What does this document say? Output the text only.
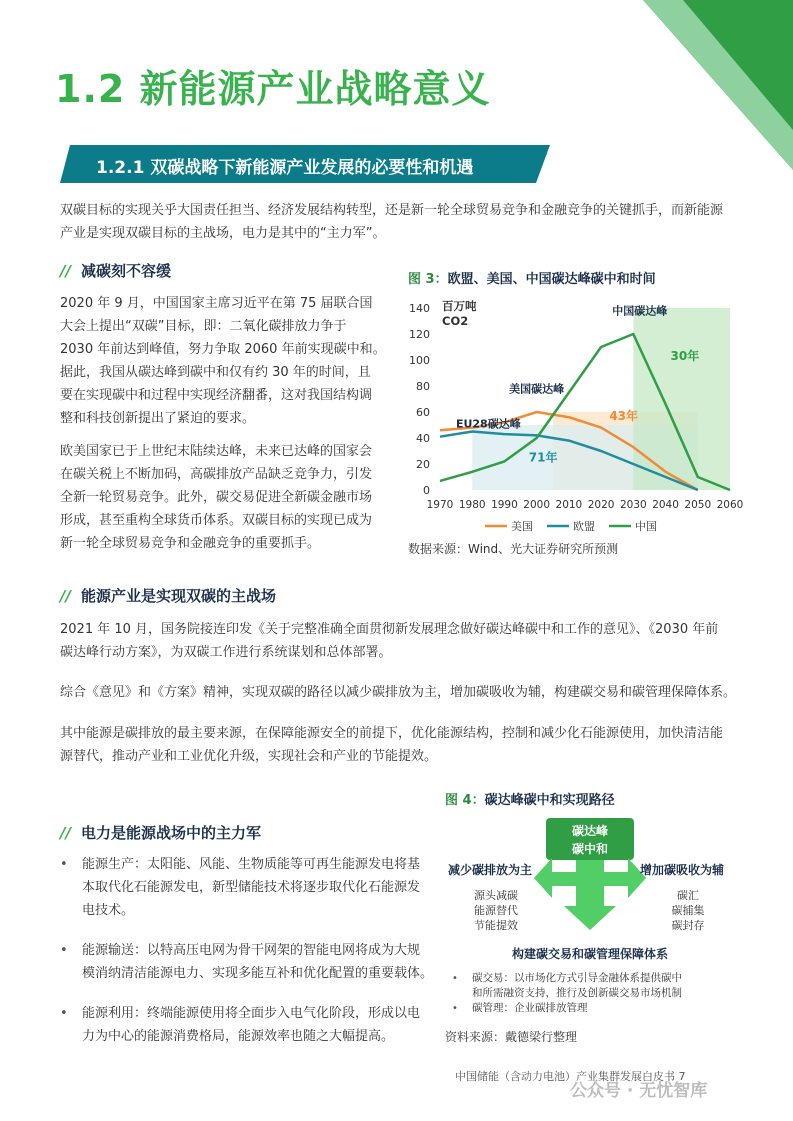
1.2 新能源产业战略意义
1.2.1 双碳战略下新能源产业发展的必要性和机遇
双碳目标的实现关乎大国责任担当、经济发展结构转型，还是新一轮全球贸易竞争和金融竞争的关键抓手，而新能源
产业是实现双碳目标的主战场，电力是其中的“主力军”。
// 减碳刻不容缓
2020 年 9 月，中国国家主席习近平在第 75 届联合国
大会上提出“双碳”目标，即：二氧化碳排放力争于
2030 年前达到峰值，努力争取 2060 年前实现碳中和。
据此，我国从碳达峰到碳中和仅有约 30 年的时间，且
要在实现碳中和过程中实现经济翻番，这对我国结构调
整和科技创新提出了紧迫的要求。
欧美国家已于上世纪末陆续达峰，未来已达峰的国家会
在碳关税上不断加码，高碳排放产品缺乏竞争力，引发
全新一轮贸易竞争。此外，碳交易促进全新碳金融市场
形成，甚至重构全球货币体系。双碳目标的实现已成为
新一轮全球贸易竞争和金融竞争的重要抓手。
图 3：欧盟、美国、中国碳达峰碳中和时间
0
20
40
60
80
100
120
140
1970 1980 1990 2000 2010 2020 2030 2040 2050 2060
百万吨
CO2
中国碳达峰
美国碳达峰
EU28碳达峰
30年
43年
71年
美国	欧盟	中国
数据来源：Wind、光大证券研究所预测
// 能源产业是实现双碳的主战场
2021 年 10 月，国务院接连印发《关于完整准确全面贯彻新发展理念做好碳达峰碳中和工作的意见》、《2030 年前
碳达峰行动方案》，为双碳工作进行系统谋划和总体部署。
综合《意见》和《方案》精神，实现双碳的路径以减少碳排放为主，增加碳吸收为辅，构建碳交易和碳管理保障体系。
其中能源是碳排放的最主要来源，在保障能源安全的前提下，优化能源结构，控制和减少化石能源使用，加快清洁能
源替代，推动产业和工业优化升级，实现社会和产业的节能提效。
// 电力是能源战场中的主力军
• 能源生产：太阳能、风能、生物质能等可再生能源发电将基
本取代化石能源发电，新型储能技术将逐步取代化石能源发
电技术。
• 能源输送：以特高压电网为骨干网架的智能电网将成为大规
模消纳清洁能源电力、实现多能互补和优化配置的重要载体。
• 能源利用：终端能源使用将全面步入电气化阶段，形成以电
力为中心的能源消费格局，能源效率也随之大幅提高。
图 4：碳达峰碳中和实现路径
碳达峰
碳中和
减少碳排放为主
源头减碳
能源替代
节能提效
增加碳吸收为辅
碳汇
碳捕集
碳封存
构建碳交易和碳管理保障体系
• 碳交易：以市场化方式引导金融体系提供碳中
和所需融资支持，推行及创新碳交易市场机制
• 碳管理：企业碳排放管理
资料来源：戴德梁行整理
中国储能（含动力电池）产业集群发展白皮书 7
公众号 · 无忧智库
